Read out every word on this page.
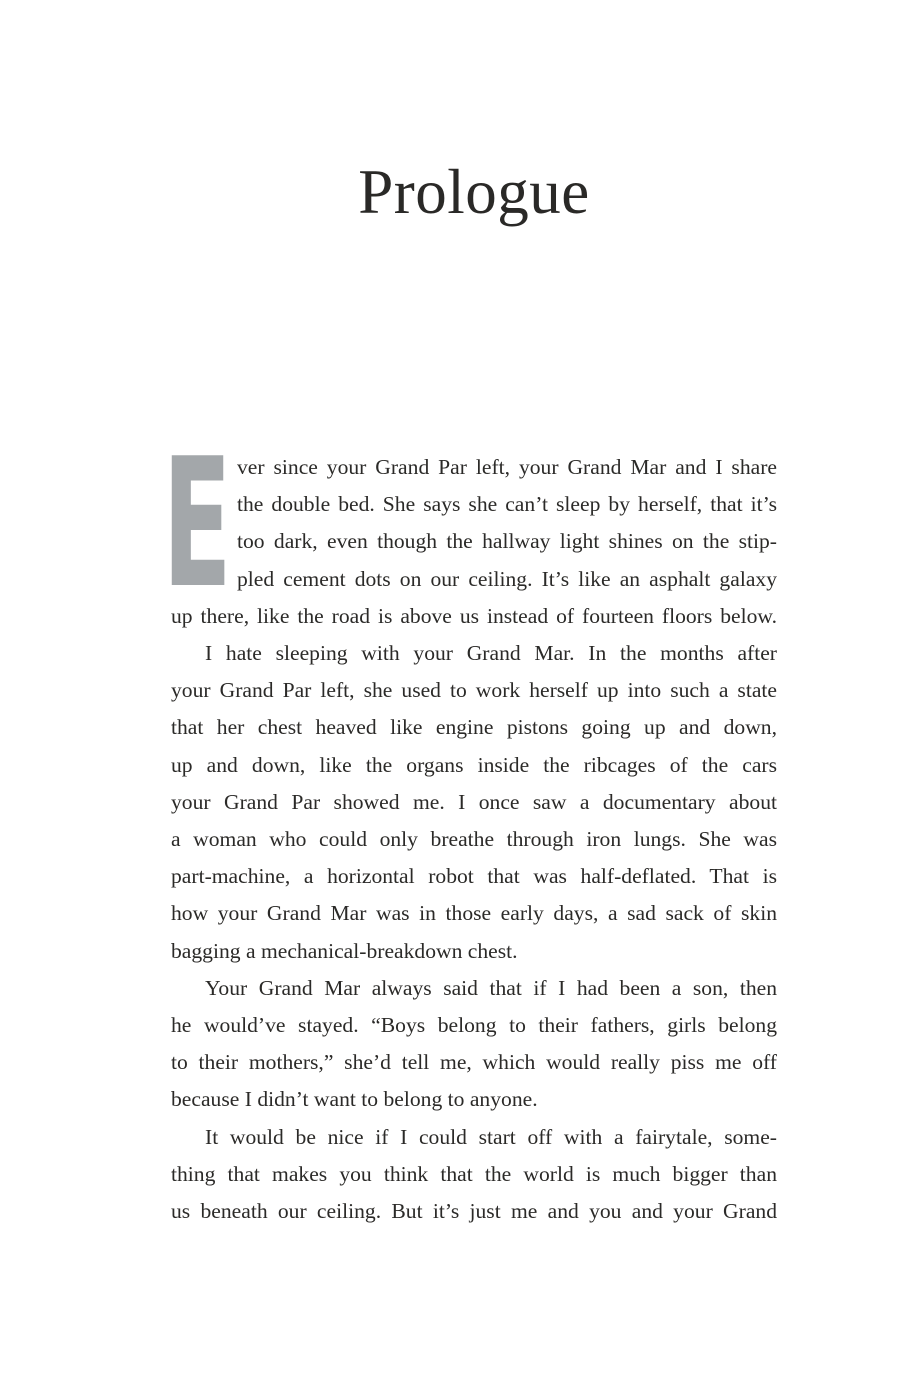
Prologue
E ver since your Grand Par left, your Grand Mar and I share
the double bed. She says she can’t sleep by herself, that it’s
too dark, even though the hallway light shines on the stip-
pled cement dots on our ceiling. It’s like an asphalt galaxy
up there, like the road is above us instead of fourteen floors below.
I hate sleeping with your Grand Mar. In the months after
your Grand Par left, she used to work herself up into such a state
that her chest heaved like engine pistons going up and down,
up and down, like the organs inside the ribcages of the cars
your Grand Par showed me. I once saw a documentary about
a woman who could only breathe through iron lungs. She was
part-machine, a horizontal robot that was half-deflated. That is
how your Grand Mar was in those early days, a sad sack of skin
bagging a mechanical-breakdown chest.
Your Grand Mar always said that if I had been a son, then
he would’ve stayed. “Boys belong to their fathers, girls belong
to their mothers,” she’d tell me, which would really piss me off
because I didn’t want to belong to anyone.
It would be nice if I could start off with a fairytale, some-
thing that makes you think that the world is much bigger than
us beneath our ceiling. But it’s just me and you and your Grand
